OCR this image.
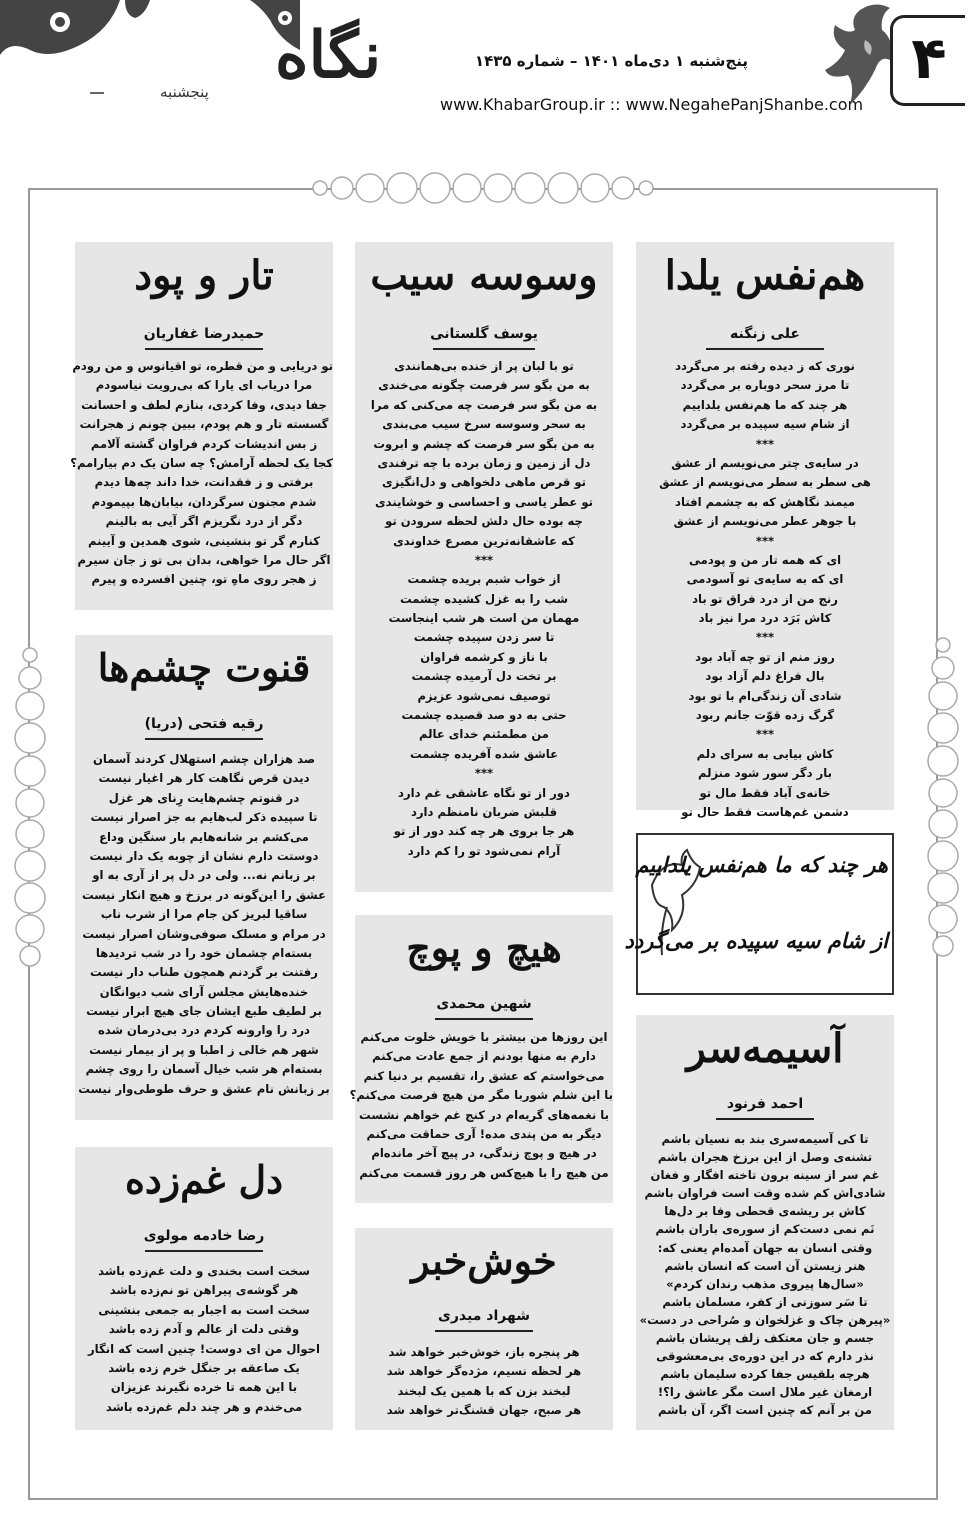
نگاه
پنجشنبه
پنج‌شنبه ۱ دی‌ماه ۱۴۰۱ – شماره ۱۴۳۵
www.KhabarGroup.ir :: www.NegahePanjShanbe.com
۴
هم‌نفس یلدا
علی زنگنه
نوری که ز دیده رفته بر می‌گردد
تا مرز سحر دوباره بر می‌گردد
هر چند که ما هم‌نفس یلداییم
از شام سیه سپیده بر می‌گردد
***
در سایه‌ی چتر می‌نویسم از عشق
هی سطر به سطر می‌نویسم از عشق
میمند نگاهش که به چشمم افتاد
با جوهر عطر می‌نویسم از عشق
***
ای که همه تار من و پودمی
ای که به سایه‌ی تو آسودمی
رنج من از درد فراق تو باد
کاش بَرَد درد مرا نیز باد
***
روز منم از تو چه آباد بود
بال فراغ دلم آزاد بود
شادی آن زندگی‌ام با تو بود
گرگ زده قوّت جانم ربود
***
کاش بیایی به سرای دلم
بار دگر سور شود منزلم
خانه‌ی آباد فقط مال تو
دشمن غم‌هاست فقط حال تو
وسوسه سیب
یوسف گلستانی
تو با لبان پر از خنده بی‌همانندی
به من بگو سر فرصت چگونه می‌خندی
به من بگو سر فرصت چه می‌کنی که مرا
به سحر وسوسه سرخ سیب می‌بندی
به من بگو سر فرصت که چشم و ابروت
دل از زمین و زمان برده با چه ترفندی
تو قرص ماهی دلخواهی و دل‌انگیزی
تو عطر یاسی و احساسی و خوشایندی
چه بوده حال دلش لحظه سرودن تو
که عاشقانه‌ترین مصرع خداوندی
***
از خواب شبم بریده چشمت
شب را به غزل کشیده چشمت
مهمان من است هر شب اینجاست
تا سر زدن سپیده چشمت
با ناز و کرشمه فراوان
بر تخت دل آرمیده چشمت
توصیف نمی‌شود عزیزم
حتی به دو صد قصیده چشمت
من مطمئنم خدای عالم
عاشق شده آفریده چشمت
***
دور از تو نگاه عاشقی غم دارد
قلبش ضربان نامنظم دارد
هر جا بروی هر چه کند دور از تو
آرام نمی‌شود تو را کم دارد
تار و پود
حمیدرضا غفاریان
تو دریایی و من قطره، تو اقیانوس و من رودم
مرا دریاب ای یارا که بی‌رویت نیاسودم
جفا دیدی، وفا کردی، بنازم لطف و احسانت
گسسته تار و هم پودم، ببین چونم ز هجرانت
ز بس اندیشات کردم فراوان گشته آلامم
کجا یک لحظه آرامش؟ چه سان یک دم بیارامم؟
برفتی و ز فقدانت، خدا داند چه‌ها دیدم
شدم مجنون سرگردان، بیابان‌ها بپیمودم
دگر از درد نگریزم اگر آیی به بالینم
کنارم گر تو بنشینی، شوی همدین و آیینم
اگر حال مرا خواهی، بدان بی تو ز جان سیرم
ز هجر روی ماهِ تو، چنین افسرده و پیرم
قنوت چشم‌ها
رقیه فتحی (دریا)
صد هزاران چشم استهلال کردند آسمان
دیدن قرص نگاهت کار هر اغیار نیست
در قنوتم چشم‌هایت رِنای هر غزل
تا سپیده ذکر لب‌هایم به جز اصرار نیست
می‌کشم بر شانه‌هایم بار سنگین وداع
دوستت دارم نشان از چوبه یک دار نیست
بر زبانم نه... ولی در دل پر از آری به او
عشق را این‌گونه در برزخ و هیچ انکار نیست
ساقیا لبریز کن جام مرا از شرب ناب
در مرام و مسلک صوفی‌وشان اصرار نیست
بسته‌ام چشمان خود را در شب تردیدها
رفتنت بر گردنم همچون طناب دار نیست
خنده‌هایش مجلس آرای شب دیوانگان
بر لطیف طبع ایشان جای هیچ ابرار نیست
درد را وارونه کردم درد بی‌درمان شده
شهر هم خالی ز اطبا و پر از بیمار نیست
بسته‌ام هر شب خیال آسمان را روی چشم
بر زبانش نام عشق و حرف طوطی‌وار نیست
هیچ و پوچ
شهین محمدی
این روزها من بیشتر با خویش خلوت می‌کنم
دارم به منها بودنم از جمع عادت می‌کنم
می‌خواستم که عشق را، تقسیم بر دنیا کنم
با این شلم شوربا مگر من هیچ فرصت می‌کنم؟
با نغمه‌های گریه‌ام در کنج غم خواهم نشست
دیگر به من پندی مده! آری حماقت می‌کنم
در هیچ و پوچ زندگی، در پیچ آخر مانده‌ام
من هیچ را با هیچ‌کس هر روز قسمت می‌کنم
دل غم‌زده
رضا خادمه مولوی
سخت است بخندی و دلت غم‌زده باشد
هر گوشه‌ی پیراهن تو نم‌زده باشد
سخت است به اجبار به جمعی بنشینی
وقتی دلت از عالم و آدم زده باشد
احوال من ای دوست! چنین است که انگار
یک صاعقه بر جنگل خرم زده باشد
با این همه تا خرده نگیرند عزیزان
می‌خندم و هر چند دلم غم‌زده باشد
خوش‌خبر
شهراد میدری
هر پنجره باز، خوش‌خبر خواهد شد
هر لحظه نسیم، مژده‌گر خواهد شد
لبخند بزن که با همین یک لبخند
هر صبح، جهان قشنگ‌تر خواهد شد
هر چند که ما هم‌نفس یلداییم
از شام سیه سپیده بر می‌گردد
آسیمه‌سر
احمد فرنود
تا کی آسیمه‌سری بند به نسیان باشم
تشنه‌ی وصل از این برزخ هجران باشم
غم سر از سینه برون تاخته افگار و فغان
شادی‌اش کم شده وقت است فراوان باشم
کاش بر ریشه‌ی قحطی وفا بر دل‌ها
نَم نمی دست‌کم از سوره‌ی باران باشم
وقتی انسان به جهان آمده‌ام یعنی که:
هنر زیستن آن است که انسان باشم
«سال‌ها پیروی مذهب رندان کردم»
تا سَر سوزنی از کفر، مسلمان باشم
«پیرهن چاک و غزلخوان و صُراحی در دست»
جسم و جان معتکف زلف پریشان باشم
نذر دارم که در این دوره‌ی بی‌معشوقی
هرچه بلقیس جفا کرده سلیمان باشم
ارمغان غیر ملال است مگر عاشق را؟!
من بر آنم که چنین است اگر، آن باشم
